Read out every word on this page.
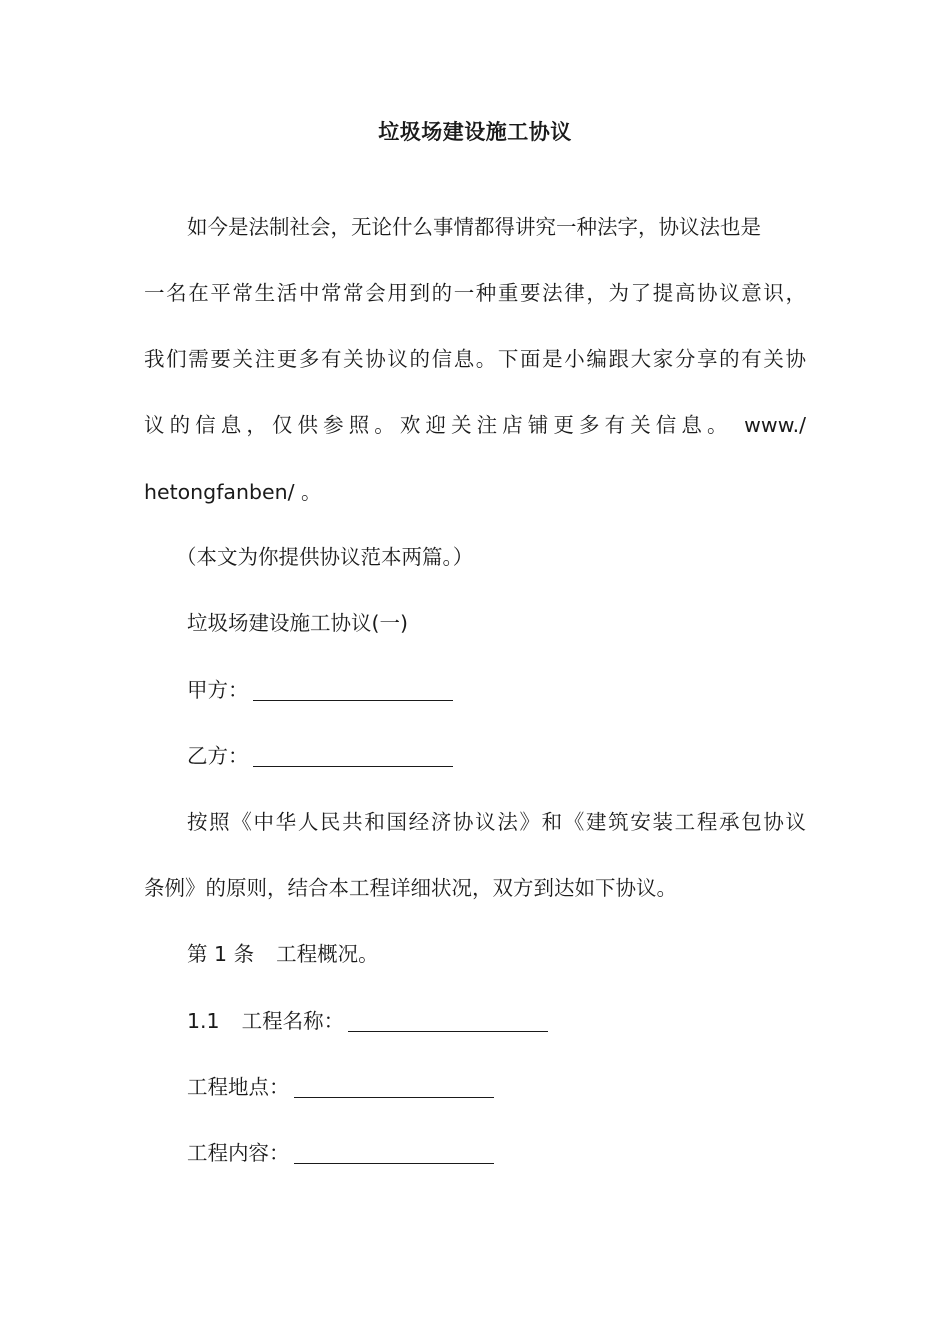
垃圾场建设施工协议
如今是法制社会，无论什么事情都得讲究一种法字，协议法也是
一名在平常生活中常常会用到的一种重要法律，为了提高协议意识，
我们需要关注更多有关协议的信息。下面是小编跟大家分享的有关协
议的信息，仅供参照。欢迎关注店铺更多有关信息。 www./
hetongfanben/ 。
（本文为你提供协议范本两篇。）
垃圾场建设施工协议(一)
甲方：
乙方：
按照《中华人民共和国经济协议法》和《建筑安装工程承包协议
条例》的原则，结合本工程详细状况，双方到达如下协议。
第 1 条 工程概况。
1.1 工程名称：
工程地点：
工程内容：
